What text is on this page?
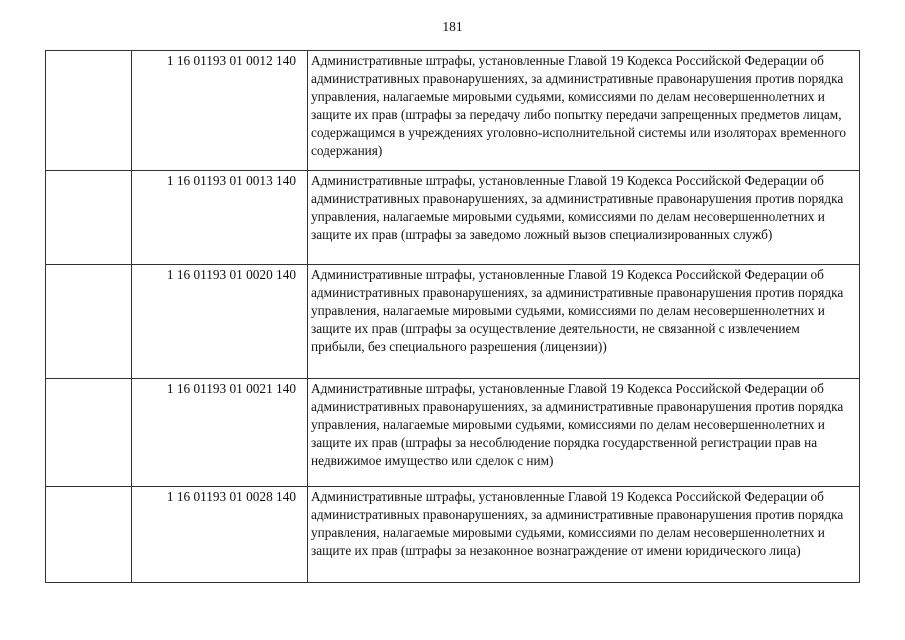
181
	1 16 01193 01 0012 140	Административные штрафы, установленные Главой 19 Кодекса Российской Федерации об административных правонарушениях, за административные правонарушения против порядка управления, налагаемые мировыми судьями, комиссиями по делам несовершеннолетних и защите их прав (штрафы за передачу либо попытку передачи запрещенных предметов лицам, содержащимся в учреждениях уголовно-исполнительной системы или изоляторах временного содержания)
	1 16 01193 01 0013 140	Административные штрафы, установленные Главой 19 Кодекса Российской Федерации об административных правонарушениях, за административные правонарушения против порядка управления, налагаемые мировыми судьями, комиссиями по делам несовершеннолетних и защите их прав (штрафы за заведомо ложный вызов специализированных служб)
	1 16 01193 01 0020 140	Административные штрафы, установленные Главой 19 Кодекса Российской Федерации об административных правонарушениях, за административные правонарушения против порядка управления, налагаемые мировыми судьями, комиссиями по делам несовершеннолетних и защите их прав (штрафы за осуществление деятельности, не связанной с извлечением прибыли, без специального разрешения (лицензии))
	1 16 01193 01 0021 140	Административные штрафы, установленные Главой 19 Кодекса Российской Федерации об административных правонарушениях, за административные правонарушения против порядка управления, налагаемые мировыми судьями, комиссиями по делам несовершеннолетних и защите их прав (штрафы за несоблюдение порядка государственной регистрации прав на недвижимое имущество или сделок с ним)
	1 16 01193 01 0028 140	Административные штрафы, установленные Главой 19 Кодекса Российской Федерации об административных правонарушениях, за административные правонарушения против порядка управления, налагаемые мировыми судьями, комиссиями по делам несовершеннолетних и защите их прав (штрафы за незаконное вознаграждение от имени юридического лица)
